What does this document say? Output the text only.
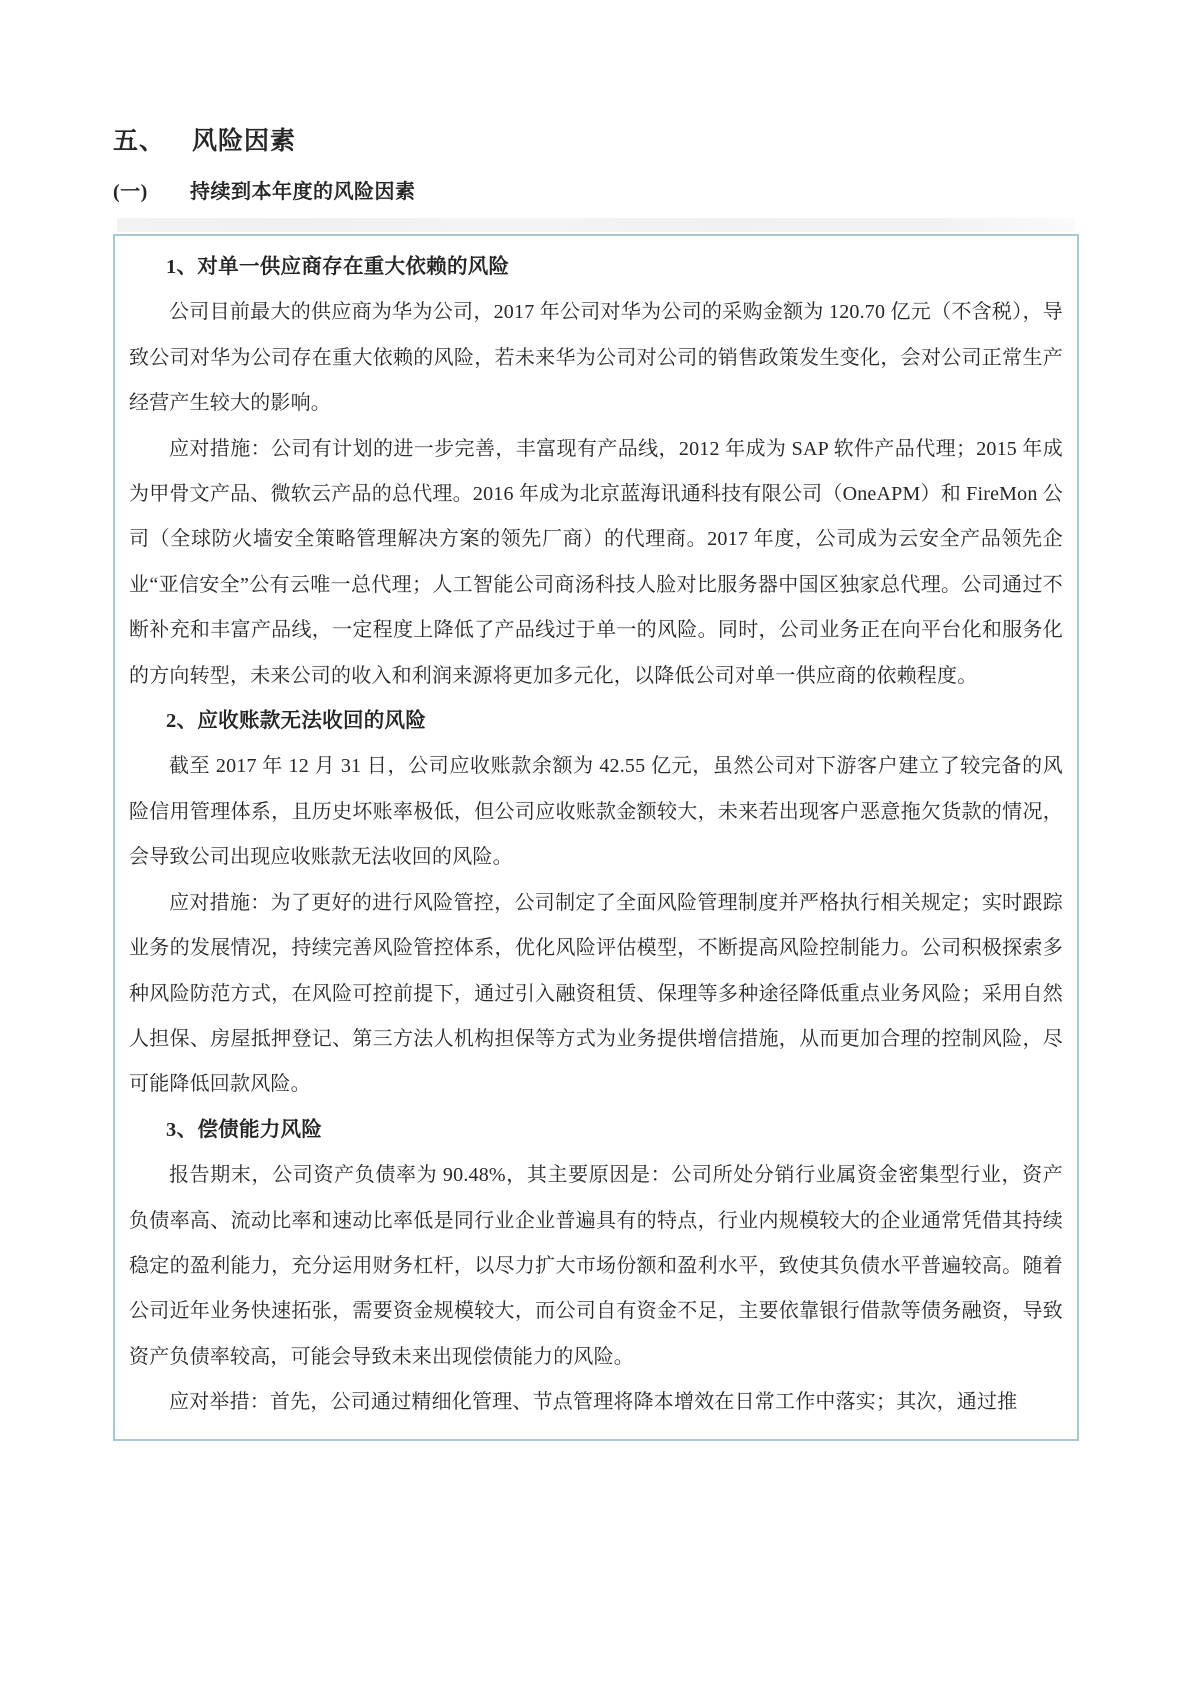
五、 风险因素
(一) 持续到本年度的风险因素
1、对单一供应商存在重大依赖的风险

公司目前最大的供应商为华为公司，2017 年公司对华为公司的采购金额为 120.70 亿元（不含税），导致公司对华为公司存在重大依赖的风险，若未来华为公司对公司的销售政策发生变化，会对公司正常生产经营产生较大的影响。

应对措施：公司有计划的进一步完善，丰富现有产品线，2012 年成为 SAP 软件产品代理；2015 年成为甲骨文产品、微软云产品的总代理。2016 年成为北京蓝海讯通科技有限公司（OneAPM）和 FireMon 公司（全球防火墙安全策略管理解决方案的领先厂商）的代理商。2017 年度，公司成为云安全产品领先企业“亚信安全”公有云唯一总代理；人工智能公司商汤科技人脸对比服务器中国区独家总代理。公司通过不断补充和丰富产品线，一定程度上降低了产品线过于单一的风险。同时，公司业务正在向平台化和服务化的方向转型，未来公司的收入和利润来源将更加多元化，以降低公司对单一供应商的依赖程度。

2、应收账款无法收回的风险

截至 2017 年 12 月 31 日，公司应收账款余额为 42.55 亿元，虽然公司对下游客户建立了较完备的风险信用管理体系，且历史坏账率极低，但公司应收账款金额较大，未来若出现客户恶意拖欠货款的情况，会导致公司出现应收账款无法收回的风险。

应对措施：为了更好的进行风险管控，公司制定了全面风险管理制度并严格执行相关规定；实时跟踪业务的发展情况，持续完善风险管控体系，优化风险评估模型，不断提高风险控制能力。公司积极探索多种风险防范方式，在风险可控前提下，通过引入融资租赁、保理等多种途径降低重点业务风险；采用自然人担保、房屋抵押登记、第三方法人机构担保等方式为业务提供增信措施，从而更加合理的控制风险，尽可能降低回款风险。

3、偿债能力风险

报告期末，公司资产负债率为 90.48%，其主要原因是：公司所处分销行业属资金密集型行业，资产负债率高、流动比率和速动比率低是同行业企业普遍具有的特点，行业内规模较大的企业通常凭借其持续稳定的盈利能力，充分运用财务杠杆，以尽力扩大市场份额和盈利水平，致使其负债水平普遍较高。随着公司近年业务快速拓张，需要资金规模较大，而公司自有资金不足，主要依靠银行借款等债务融资，导致资产负债率较高，可能会导致未来出现偿债能力的风险。

应对举措：首先，公司通过精细化管理、节点管理将降本增效在日常工作中落实；其次，通过推
